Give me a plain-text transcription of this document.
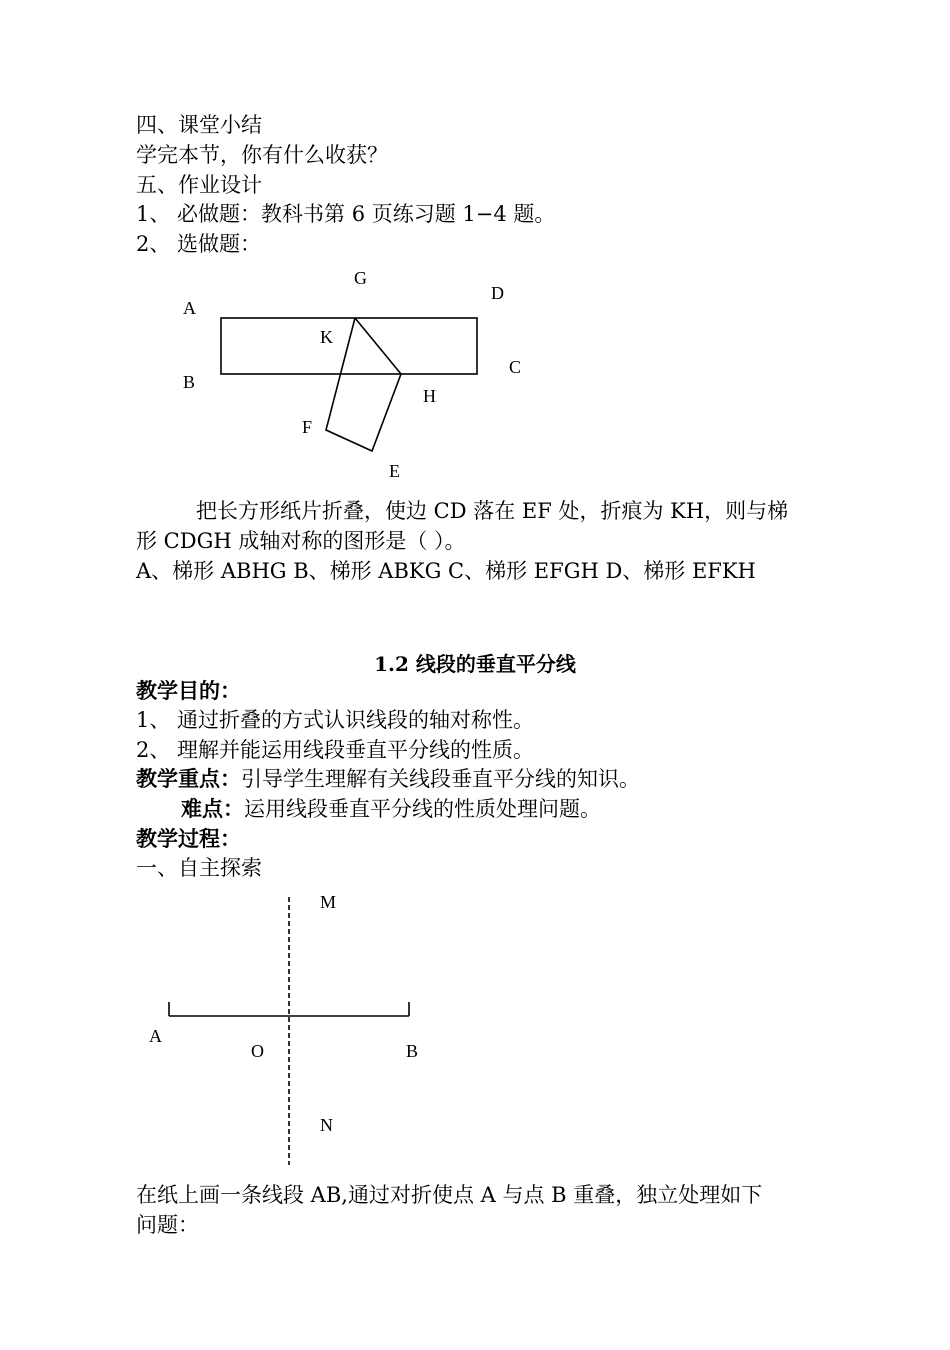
四、课堂小结
学完本节，你有什么收获？
五、作业设计
1、 必做题：教科书第 6 页练习题 1−4 题。
2、 选做题：
A
B
C
D
E
F
G
H
K
把长方形纸片折叠，使边 CD 落在 EF 处，折痕为 KH，则与梯
形 CDGH 成轴对称的图形是（ ）。
A、梯形 ABHG B、梯形 ABKG C、梯形 EFGH D、梯形 EFKH
1.2 线段的垂直平分线
教学目的：
1、 通过折叠的方式认识线段的轴对称性。
2、 理解并能运用线段垂直平分线的性质。
教学重点：引导学生理解有关线段垂直平分线的知识。
难点：运用线段垂直平分线的性质处理问题。
教学过程：
一、自主探索
M
N
A
B
O
在纸上画一条线段 AB,通过对折使点 A 与点 B 重叠，独立处理如下
问题：
